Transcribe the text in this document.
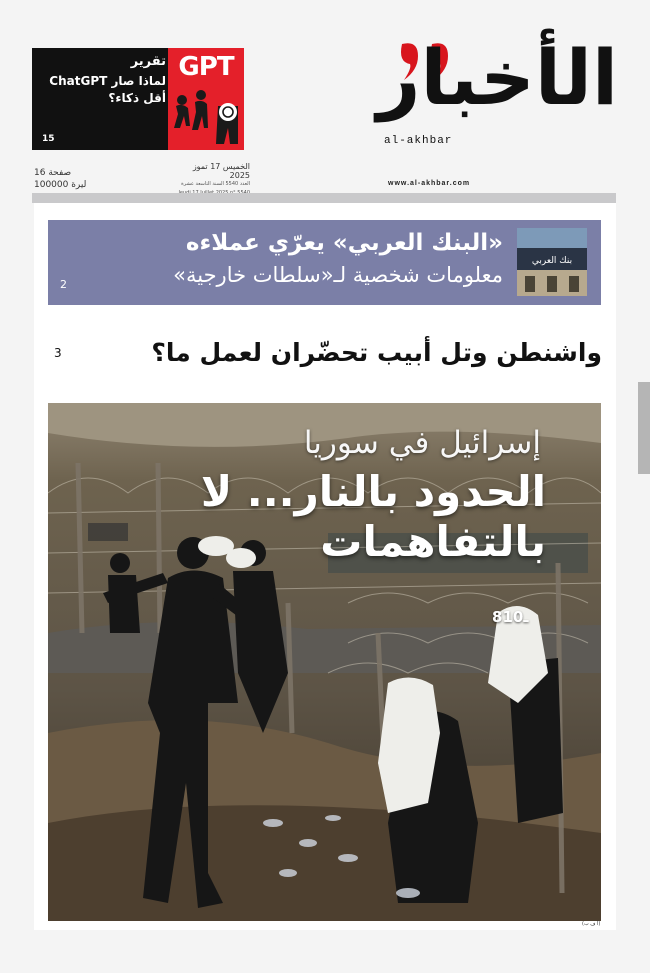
تقرير
لماذا صار ChatGPT أقل ذكاء؟
15
GPT الأخبار
al-akhbar
16 صفحة
100000 ليرة
الخميس 17 تموز 2025
العدد 5540 السنة التاسعة عشرة	www.al-akhbar.com
بنك العربي
«البنك العربي» يعرّي عملاءه
معلومات شخصية لـ«سلطات خارجية»
2
واشنطن وتل أبيب تحضّران لعمل ما؟
3
إسرائيل في سوريا
الحدود بالنار... لا بالتفاهمات
8ـ10
(أ ف ب)
